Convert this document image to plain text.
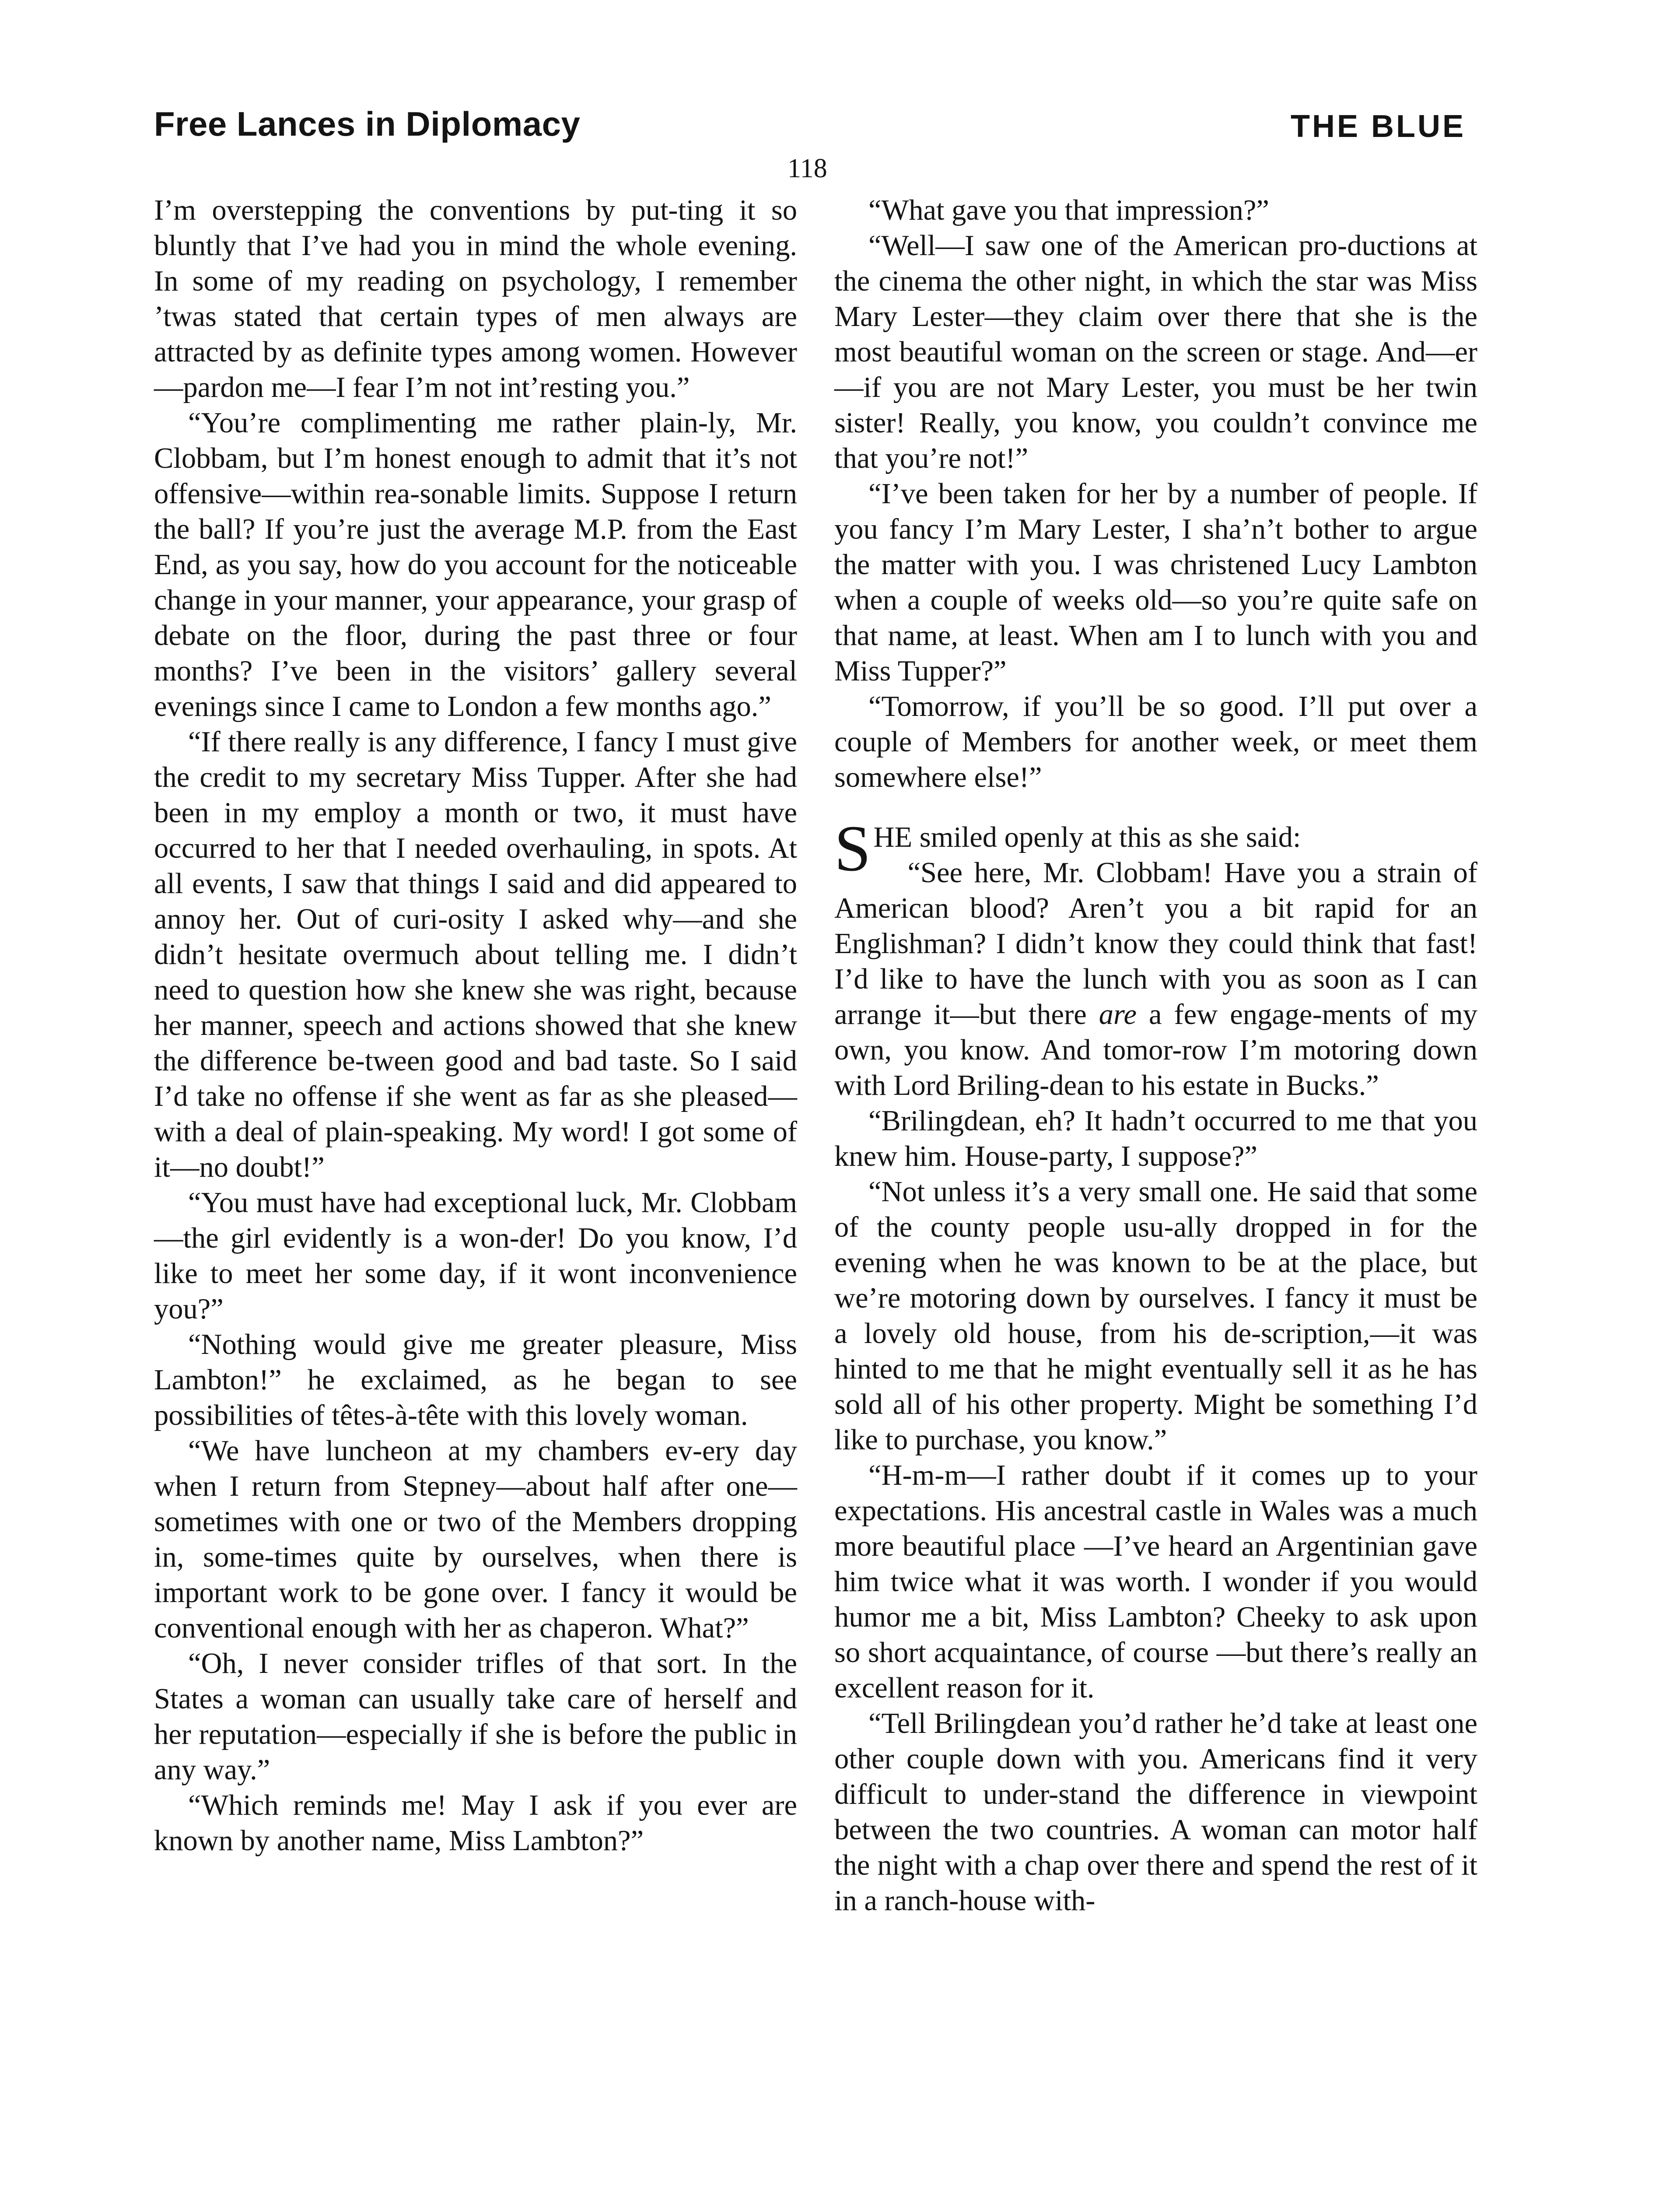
Free Lances in Diplomacy	THE BLUE
118

I’m overstepping the conventions by put-ting it so bluntly that I’ve had you in mind the whole evening. In some of my reading on psychology, I remember ’twas stated that certain types of men always are attracted by as definite types among women. However—pardon me—I fear I’m not int’resting you.”

“You’re complimenting me rather plain-ly, Mr. Clobbam, but I’m honest enough to admit that it’s not offensive—within rea-sonable limits. Suppose I return the ball? If you’re just the average M.P. from the East End, as you say, how do you account for the noticeable change in your manner, your appearance, your grasp of debate on the floor, during the past three or four months? I’ve been in the visitors’ gallery several evenings since I came to London a few months ago.”

“If there really is any difference, I fancy I must give the credit to my secretary Miss Tupper. After she had been in my employ a month or two, it must have occurred to her that I needed overhauling, in spots. At all events, I saw that things I said and did appeared to annoy her. Out of curi-osity I asked why—and she didn’t hesitate overmuch about telling me. I didn’t need to question how she knew she was right, because her manner, speech and actions showed that she knew the difference be-tween good and bad taste. So I said I’d take no offense if she went as far as she pleased—with a deal of plain-speaking. My word! I got some of it—no doubt!”

“You must have had exceptional luck, Mr. Clobbam—the girl evidently is a won-der! Do you know, I’d like to meet her some day, if it wont inconvenience you?”

“Nothing would give me greater pleasure, Miss Lambton!” he exclaimed, as he began to see possibilities of têtes-à-tête with this lovely woman.

“We have luncheon at my chambers ev-ery day when I return from Stepney—about half after one—sometimes with one or two of the Members dropping in, some-times quite by ourselves, when there is important work to be gone over. I fancy it would be conventional enough with her as chaperon. What?”

“Oh, I never consider trifles of that sort. In the States a woman can usually take care of herself and her reputation—especially if she is before the public in any way.”

“Which reminds me! May I ask if you ever are known by another name, Miss Lambton?”

“What gave you that impression?”

“Well—I saw one of the American pro-ductions at the cinema the other night, in which the star was Miss Mary Lester—they claim over there that she is the most beautiful woman on the screen or stage. And—er—if you are not Mary Lester, you must be her twin sister! Really, you know, you couldn’t convince me that you’re not!”

“I’ve been taken for her by a number of people. If you fancy I’m Mary Lester, I sha’n’t bother to argue the matter with you. I was christened Lucy Lambton when a couple of weeks old—so you’re quite safe on that name, at least. When am I to lunch with you and Miss Tupper?”

“Tomorrow, if you’ll be so good. I’ll put over a couple of Members for another week, or meet them somewhere else!”

SHE smiled openly at this as she said:

“See here, Mr. Clobbam! Have you a strain of American blood? Aren’t you a bit rapid for an Englishman? I didn’t know they could think that fast! I’d like to have the lunch with you as soon as I can arrange it—but there are a few engage-ments of my own, you know. And tomor-row I’m motoring down with Lord Briling-dean to his estate in Bucks.”

“Brilingdean, eh? It hadn’t occurred to me that you knew him. House-party, I suppose?”

“Not unless it’s a very small one. He said that some of the county people usu-ally dropped in for the evening when he was known to be at the place, but we’re motoring down by ourselves. I fancy it must be a lovely old house, from his de-scription,—it was hinted to me that he might eventually sell it as he has sold all of his other property. Might be something I’d like to purchase, you know.”

“H-m-m—I rather doubt if it comes up to your expectations. His ancestral castle in Wales was a much more beautiful place —I’ve heard an Argentinian gave him twice what it was worth. I wonder if you would humor me a bit, Miss Lambton? Cheeky to ask upon so short acquaintance, of course —but there’s really an excellent reason for it.

“Tell Brilingdean you’d rather he’d take at least one other couple down with you. Americans find it very difficult to under-stand the difference in viewpoint between the two countries. A woman can motor half the night with a chap over there and spend the rest of it in a ranch-house with-
